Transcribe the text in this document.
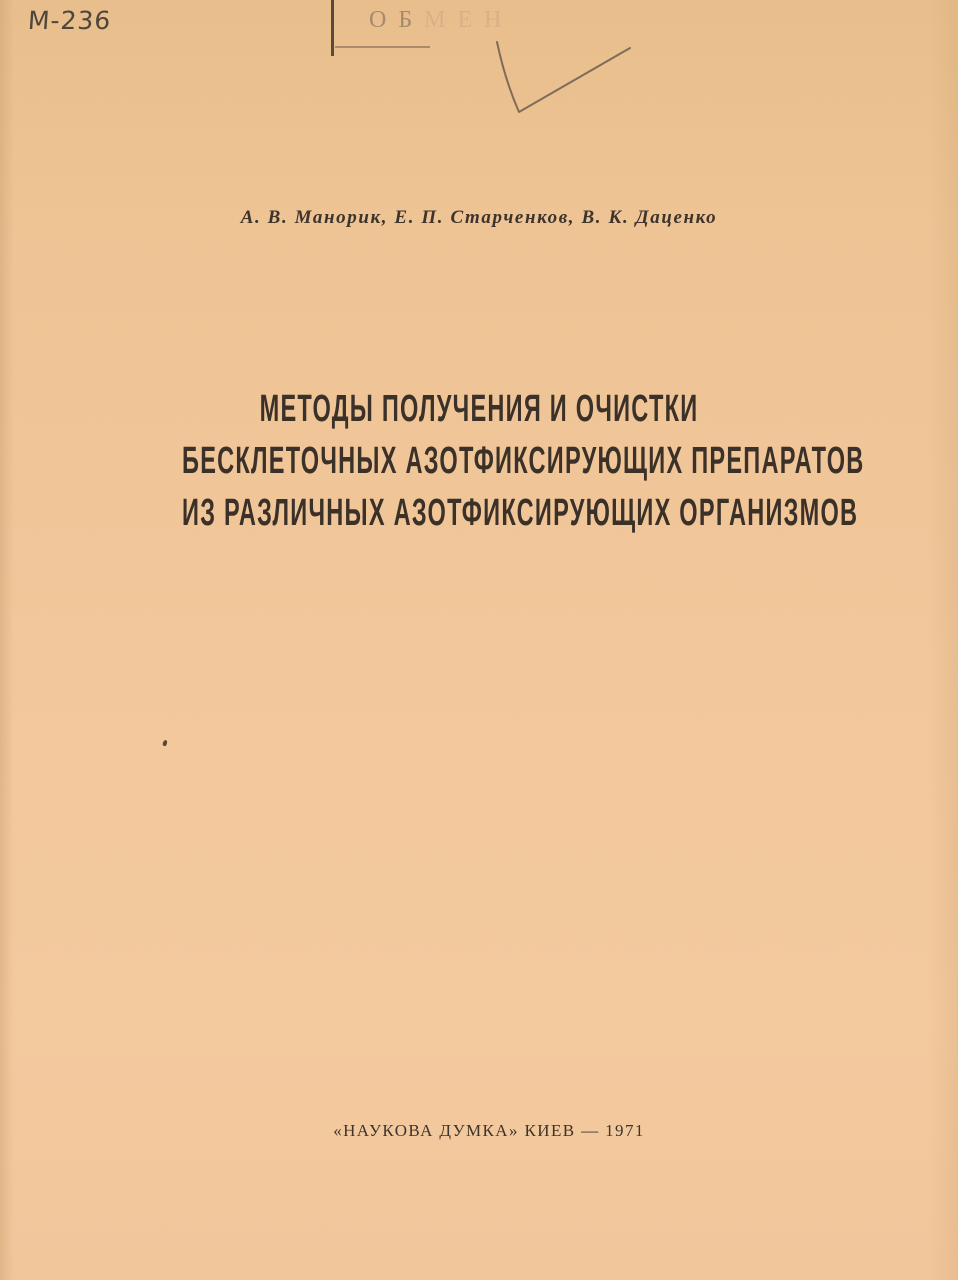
M-236	ОБМЕН
А. В. Манорик, Е. П. Старченков, В. К. Даценко
МЕТОДЫ ПОЛУЧЕНИЯ И ОЧИСТКИ
БЕСКЛЕТОЧНЫХ АЗОТФИКСИРУЮЩИХ ПРЕПАРАТОВ
ИЗ РАЗЛИЧНЫХ АЗОТФИКСИРУЮЩИХ ОРГАНИЗМОВ
«НАУКОВА ДУМКА» КИЕВ — 1971
